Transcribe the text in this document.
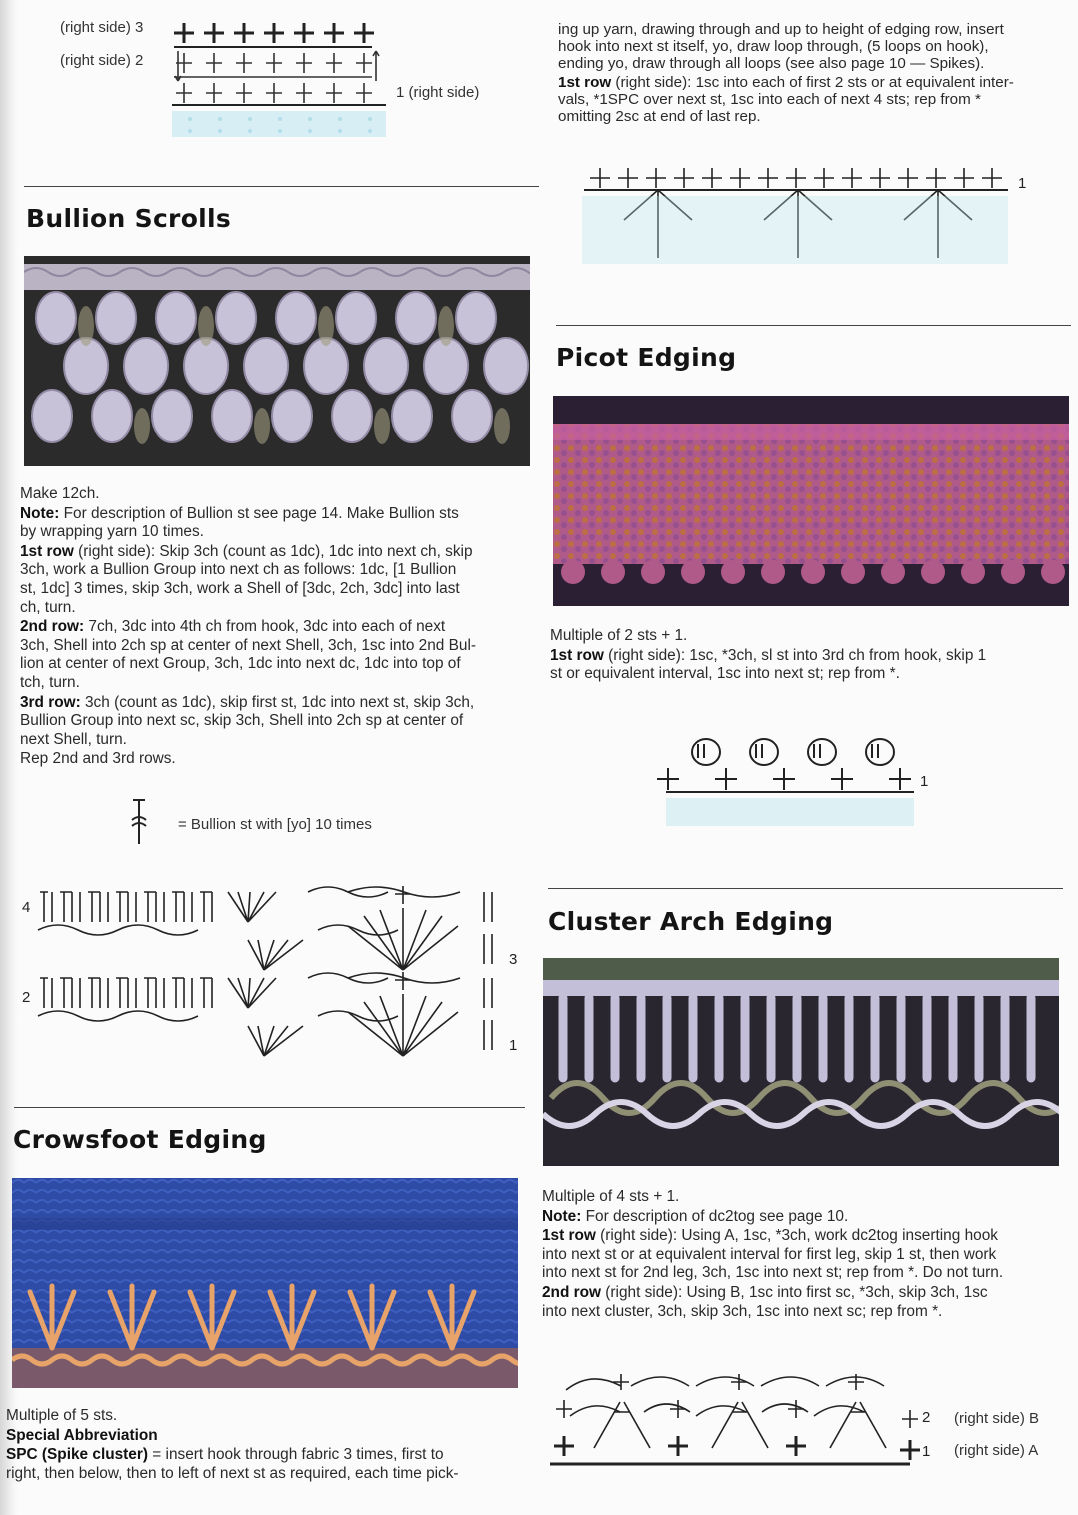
(right side) 3
(right side) 2
1 (right side)
Bullion Scrolls

Make 12ch.

Note: For description of Bullion st see page 14. Make Bullion sts
by wrapping yarn 10 times.

1st row (right side): Skip 3ch (count as 1dc), 1dc into next ch, skip
3ch, work a Bullion Group into next ch as follows: 1dc, [1 Bullion
st, 1dc] 3 times, skip 3ch, work a Shell of [3dc, 2ch, 3dc] into last
ch, turn.

2nd row: 7ch, 3dc into 4th ch from hook, 3dc into each of next
3ch, Shell into 2ch sp at center of next Shell, 3ch, 1sc into 2nd Bul-
lion at center of next Group, 3ch, 1dc into next dc, 1dc into top of
tch, turn.

3rd row: 3ch (count as 1dc), skip first st, 1dc into next st, skip 3ch,
Bullion Group into next sc, skip 3ch, Shell into 2ch sp at center of
next Shell, turn.

Rep 2nd and 3rd rows.

= Bullion st with [yo] 10 times
4
3
2
1
Crowsfoot Edging

Multiple of 5 sts.

Special Abbreviation

SPC (Spike cluster) = insert hook through fabric 3 times, first to
right, then below, then to left of next st as required, each time pick-

ing up yarn, drawing through and up to height of edging row, insert
hook into next st itself, yo, draw loop through, (5 loops on hook),
ending yo, draw through all loops (see also page 10 — Spikes).

1st row (right side): 1sc into each of first 2 sts or at equivalent inter-
vals, *1SPC over next st, 1sc into each of next 4 sts; rep from *
omitting 2sc at end of last rep.

1
Picot Edging

Multiple of 2 sts + 1.

1st row (right side): 1sc, *3ch, sl st into 3rd ch from hook, skip 1
st or equivalent interval, 1sc into next st; rep from *.

1
Cluster Arch Edging

Multiple of 4 sts + 1.

Note: For description of dc2tog see page 10.

1st row (right side): Using A, 1sc, *3ch, work dc2tog inserting hook
into next st or at equivalent interval for first leg, skip 1 st, then work
into next st for 2nd leg, 3ch, 1sc into next st; rep from *. Do not turn.

2nd row (right side): Using B, 1sc into first sc, *3ch, skip 3ch, 1sc
into next cluster, 3ch, skip 3ch, 1sc into next sc; rep from *.

2
1
(right side) B
(right side) A
